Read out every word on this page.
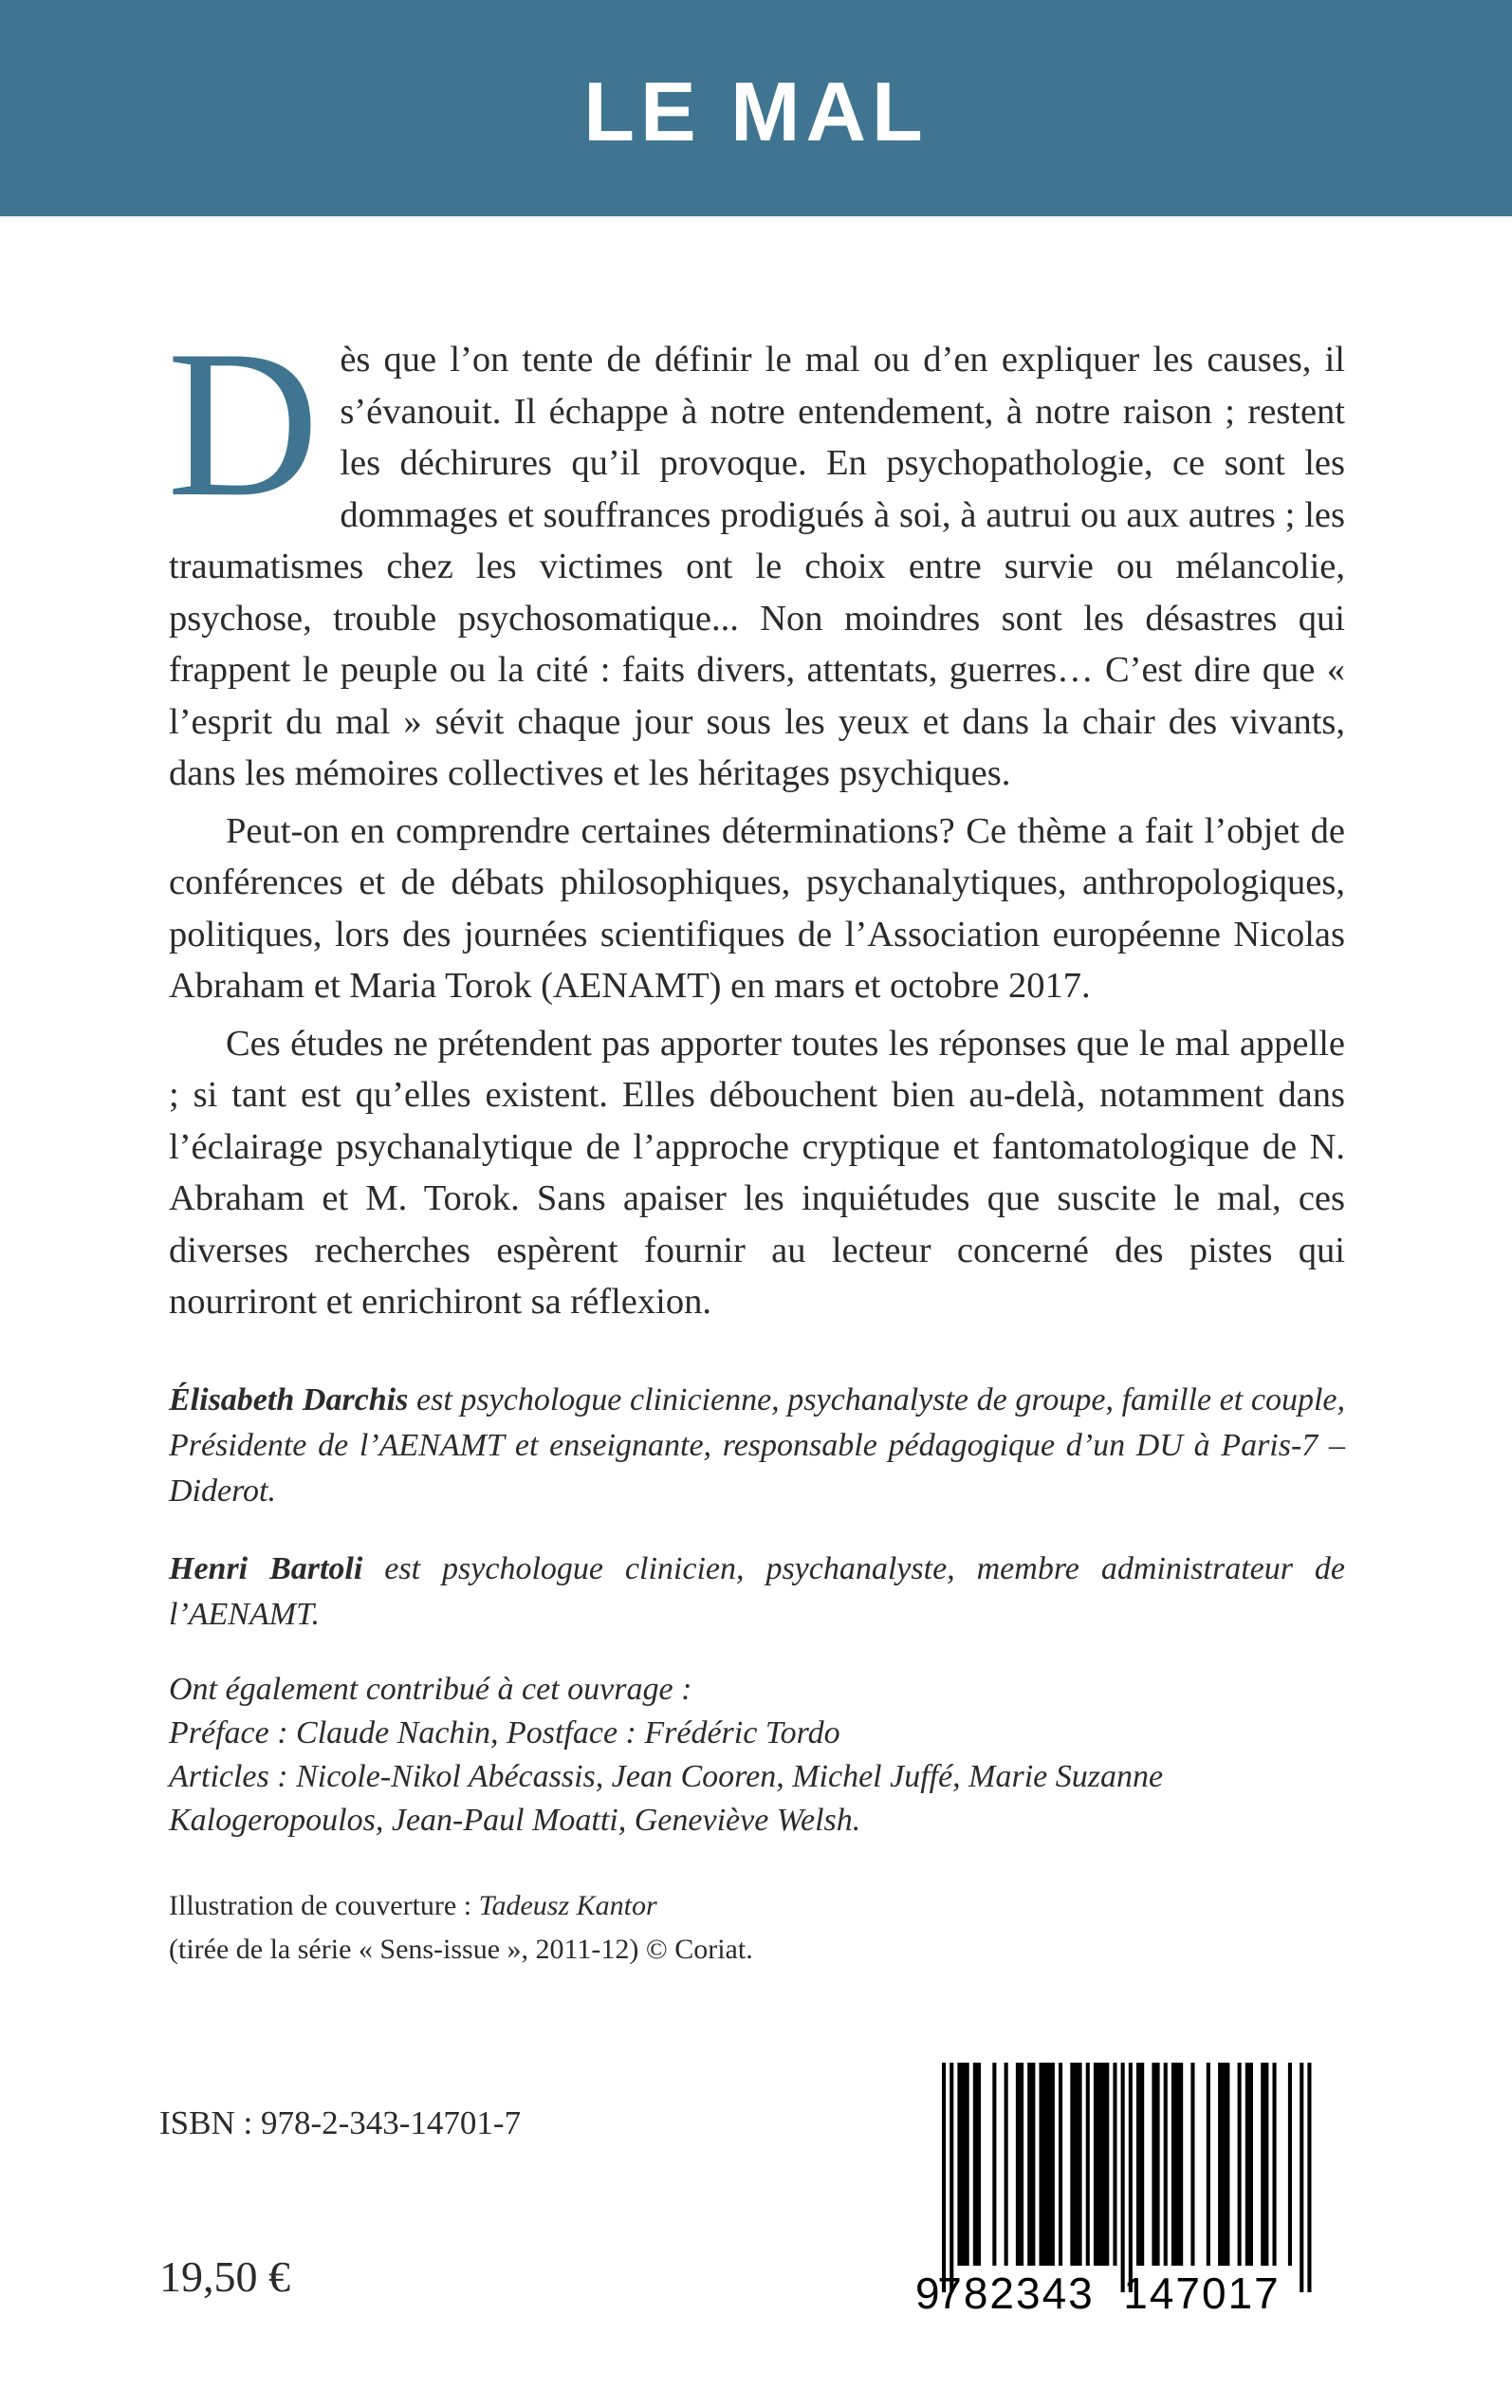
LE MAL

Dès que l’on tente de définir le mal ou d’en expliquer les causes, il s’évanouit. Il échappe à notre entendement, à notre raison ; restent les déchirures qu’il provoque. En psychopathologie, ce sont les dommages et souffrances prodigués à soi, à autrui ou aux autres ; les traumatismes chez les victimes ont le choix entre survie ou mélancolie, psychose, trouble psychosomatique... Non moindres sont les désastres qui frappent le peuple ou la cité : faits divers, attentats, guerres… C’est dire que « l’esprit du mal » sévit chaque jour sous les yeux et dans la chair des vivants, dans les mémoires collectives et les héritages psychiques.

Peut-on en comprendre certaines déterminations? Ce thème a fait l’objet de conférences et de débats philosophiques, psychanalytiques, anthropologiques, politiques, lors des journées scientifiques de l’Association européenne Nicolas Abraham et Maria Torok (AENAMT) en mars et octobre 2017.

Ces études ne prétendent pas apporter toutes les réponses que le mal appelle ; si tant est qu’elles existent. Elles débouchent bien au-delà, notamment dans l’éclairage psychanalytique de l’approche cryptique et fantomatologique de N. Abraham et M. Torok. Sans apaiser les inquiétudes que suscite le mal, ces diverses recherches espèrent fournir au lecteur concerné des pistes qui nourriront et enrichiront sa réflexion.

Élisabeth Darchis est psychologue clinicienne, psychanalyste de groupe, famille et couple, Présidente de l’AENAMT et enseignante, responsable pédagogique d’un DU à Paris-7 – Diderot.

Henri Bartoli est psychologue clinicien, psychanalyste, membre administrateur de l’AENAMT.

Ont également contribué à cet ouvrage :

Préface : Claude Nachin, Postface : Frédéric Tordo

Articles : Nicole-Nikol Abécassis, Jean Cooren, Michel Juffé, Marie Suzanne Kalogeropoulos, Jean-Paul Moatti, Geneviève Welsh.

Illustration de couverture : Tadeusz Kantor

(tirée de la série « Sens-issue », 2011-12) © Coriat.

ISBN : 978-2-343-14701-7
19,50 €	9
782343 147017
